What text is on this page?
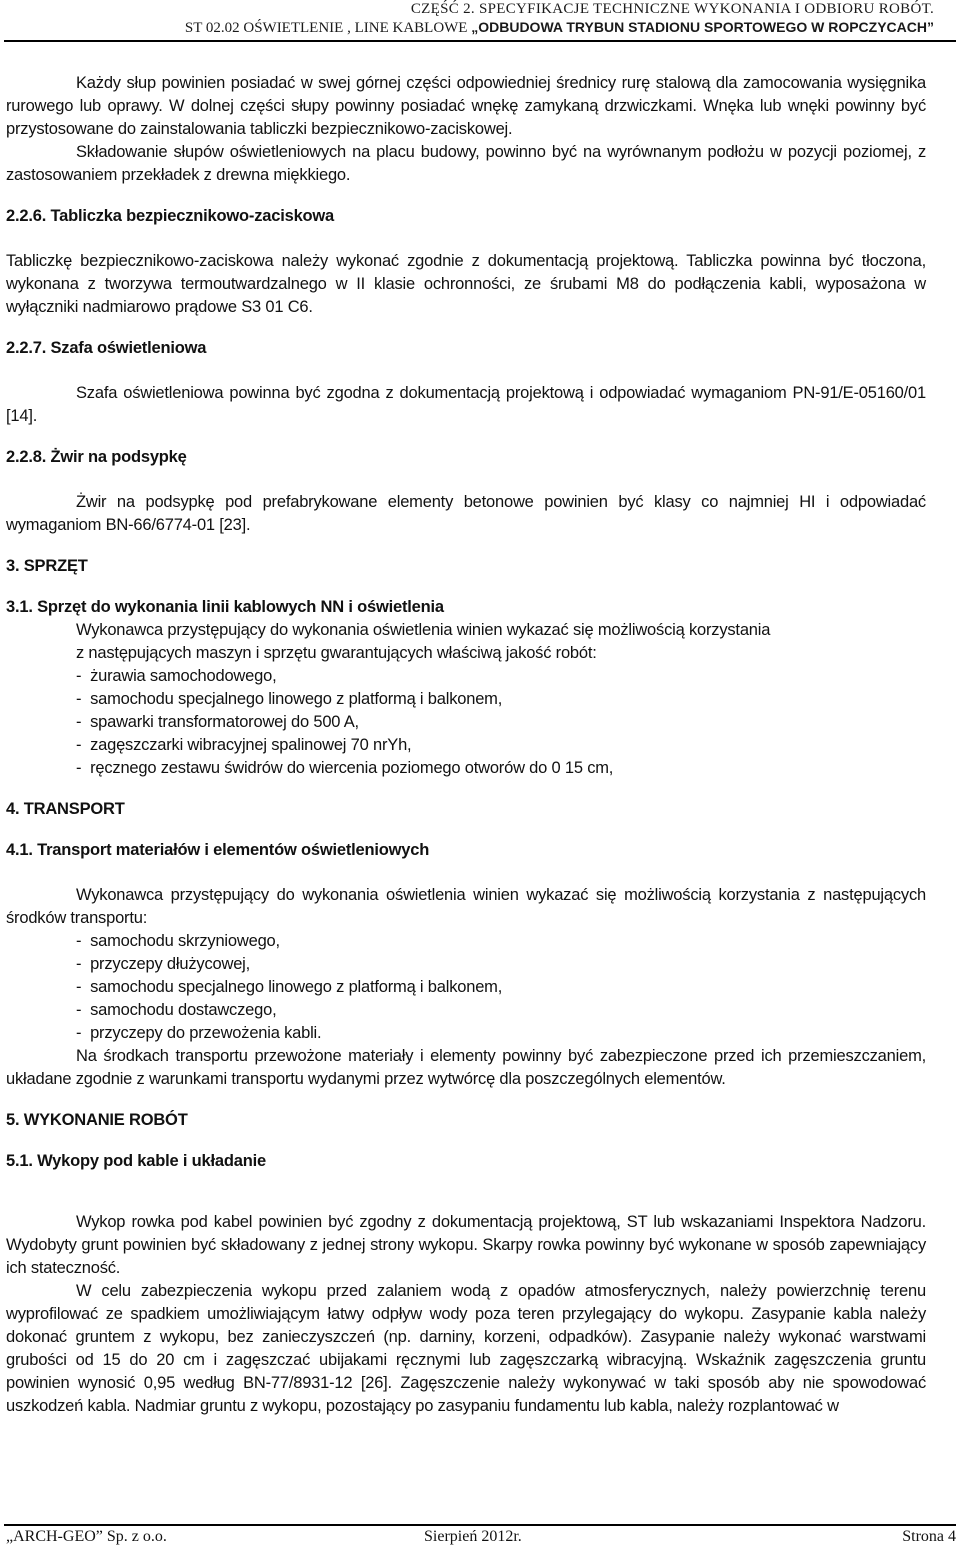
CZĘŚĆ 2. SPECYFIKACJE TECHNICZNE WYKONANIA I ODBIORU ROBÓT.
ST 02.02 OŚWIETLENIE , LINE KABLOWE „ODBUDOWA TRYBUN STADIONU SPORTOWEGO W ROPCZYCACH”

Każdy słup powinien posiadać w swej górnej części odpowiedniej średnicy rurę stalową dla zamocowania wysięgnika rurowego lub oprawy. W dolnej części słupy powinny posiadać wnękę zamykaną drzwiczkami. Wnęka lub wnęki powinny być przystosowane do zainstalowania tabliczki bezpiecznikowo-zaciskowej.

Składowanie słupów oświetleniowych na placu budowy, powinno być na wyrównanym podłożu w pozycji poziomej, z zastosowaniem przekładek z drewna miękkiego.

2.2.6. Tabliczka bezpiecznikowo-zaciskowa

Tabliczkę bezpiecznikowo-zaciskowa należy wykonać zgodnie z dokumentacją projektową. Tabliczka powinna być tłoczona, wykonana z tworzywa termoutwardzalnego w II klasie ochronności, ze śrubami M8 do podłączenia kabli, wyposażona w wyłączniki nadmiarowo prądowe S3 01 C6.

2.2.7. Szafa oświetleniowa

Szafa oświetleniowa powinna być zgodna z dokumentacją projektową i odpowiadać wymaganiom PN-91/E-05160/01 [14].

2.2.8. Żwir na podsypkę

Żwir na podsypkę pod prefabrykowane elementy betonowe powinien być klasy co najmniej HI i odpowiadać wymaganiom BN-66/6774-01 [23].

3. SPRZĘT

3.1. Sprzęt do wykonania linii kablowych NN i oświetlenia

Wykonawca przystępujący do wykonania oświetlenia winien wykazać się możliwością korzystania
z następujących maszyn i sprzętu gwarantujących właściwą jakość robót:
- żurawia samochodowego,
- samochodu specjalnego linowego z platformą i balkonem,
- spawarki transformatorowej do 500 A,
- zagęszczarki wibracyjnej spalinowej 70 nrYh,
- ręcznego zestawu świdrów do wiercenia poziomego otworów do 0 15 cm,

4. TRANSPORT

4.1. Transport materiałów i elementów oświetleniowych

Wykonawca przystępujący do wykonania oświetlenia winien wykazać się możliwością korzystania z następujących środków transportu:

- samochodu skrzyniowego,
- przyczepy dłużycowej,
- samochodu specjalnego linowego z platformą i balkonem,
- samochodu dostawczego,
- przyczepy do przewożenia kabli.

Na środkach transportu przewożone materiały i elementy powinny być zabezpieczone przed ich przemieszczaniem, układane zgodnie z warunkami transportu wydanymi przez wytwórcę dla poszczególnych elementów.

5. WYKONANIE ROBÓT

5.1. Wykopy pod kable i układanie

Wykop rowka pod kabel powinien być zgodny z dokumentacją projektową, ST lub wskazaniami Inspektora Nadzoru. Wydobyty grunt powinien być składowany z jednej strony wykopu. Skarpy rowka powinny być wykonane w sposób zapewniający ich stateczność.

W celu zabezpieczenia wykopu przed zalaniem wodą z opadów atmosferycznych, należy powierzchnię terenu wyprofilować ze spadkiem umożliwiającym łatwy odpływ wody poza teren przylegający do wykopu. Zasypanie kabla należy dokonać gruntem z wykopu, bez zanieczyszczeń (np. darniny, korzeni, odpadków). Zasypanie należy wykonać warstwami grubości od 15 do 20 cm i zagęszczać ubijakami ręcznymi lub zagęszczarką wibracyjną. Wskaźnik zagęszczenia gruntu powinien wynosić 0,95 według BN-77/8931-12 [26]. Zagęszczenie należy wykonywać w taki sposób aby nie spowodować uszkodzeń kabla. Nadmiar gruntu z wykopu, pozostający po zasypaniu fundamentu lub kabla, należy rozplantować w

„ARCH-GEO” Sp. z o.o.	Sierpień 2012r.	Strona 4
